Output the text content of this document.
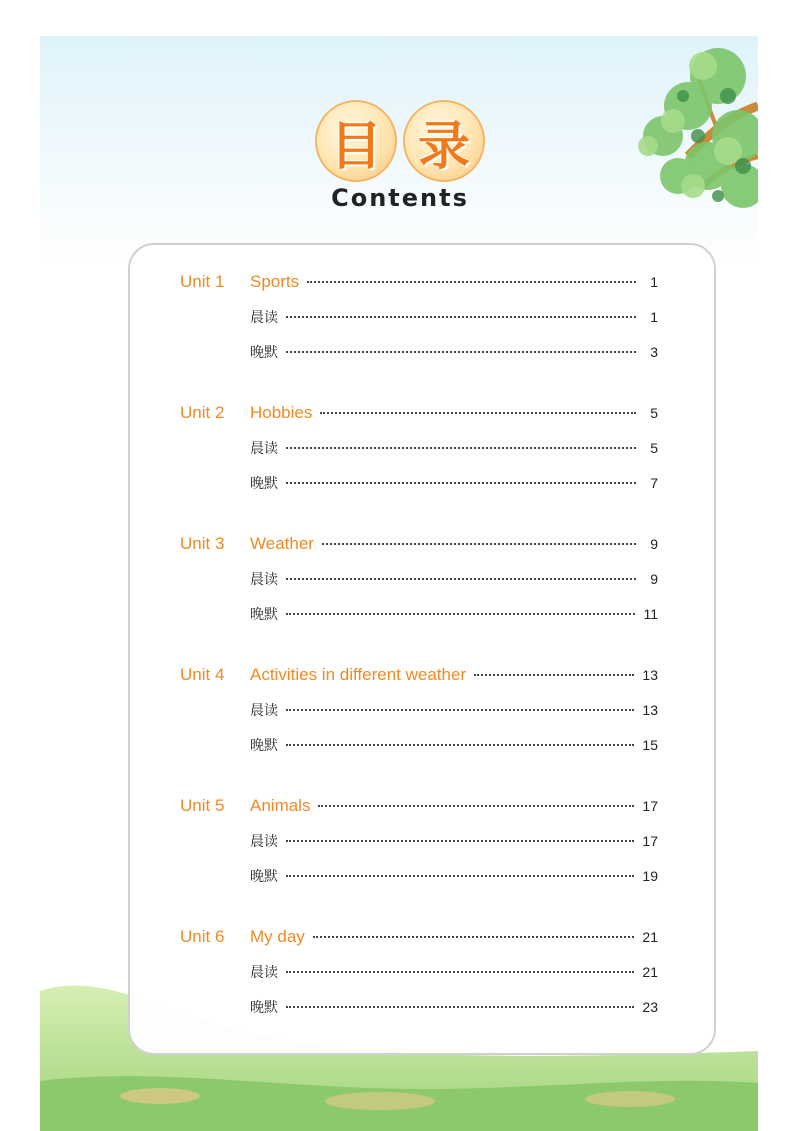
目 录
Contents
Unit 1	Sports	1
晨读	1
晚默	3
Unit 2	Hobbies	5
晨读	5
晚默	7
Unit 3	Weather	9
晨读	9
晚默	11
Unit 4	Activities in different weather	13
晨读	13
晚默	15
Unit 5	Animals	17
晨读	17
晚默	19
Unit 6	My day	21
晨读	21
晚默	23
